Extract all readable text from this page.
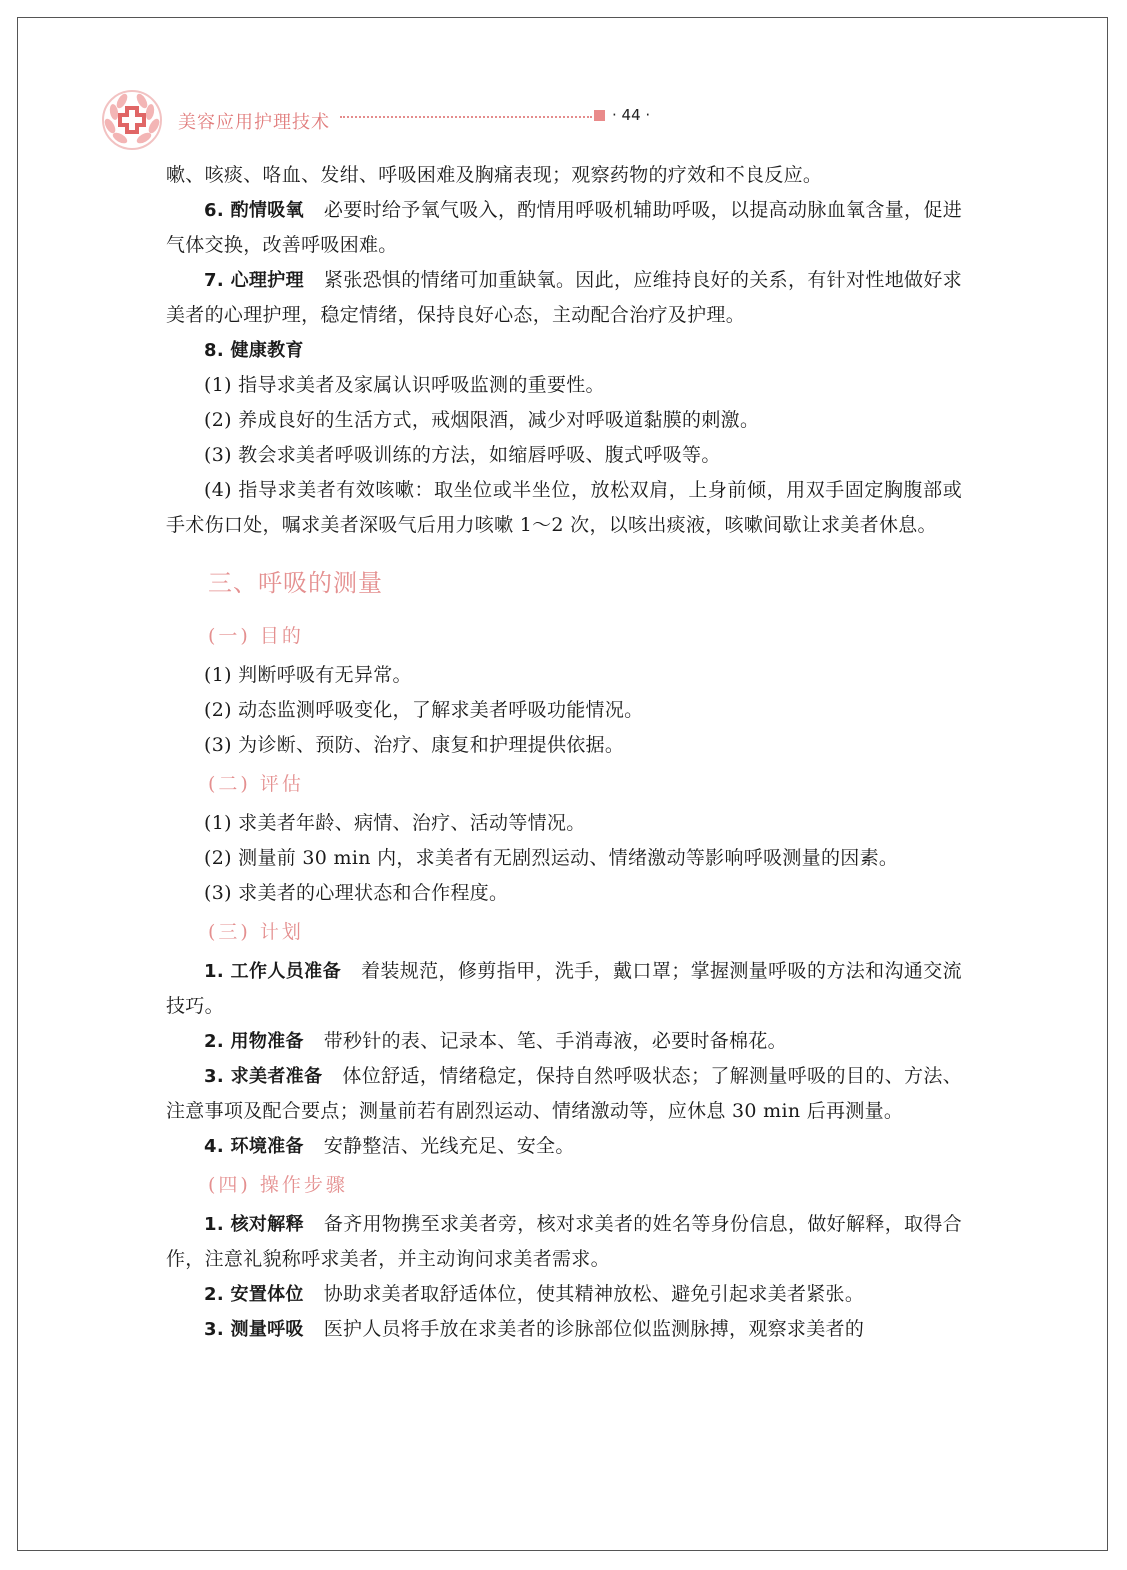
美容应用护理技术	· 44 ·

嗽、咳痰、咯血、发绀、呼吸困难及胸痛表现；观察药物的疗效和不良反应。

6. 酌情吸氧 必要时给予氧气吸入，酌情用呼吸机辅助呼吸，以提高动脉血氧含量，促进气体交换，改善呼吸困难。

7. 心理护理 紧张恐惧的情绪可加重缺氧。因此，应维持良好的关系，有针对性地做好求美者的心理护理，稳定情绪，保持良好心态，主动配合治疗及护理。

8. 健康教育

(1) 指导求美者及家属认识呼吸监测的重要性。

(2) 养成良好的生活方式，戒烟限酒，减少对呼吸道黏膜的刺激。

(3) 教会求美者呼吸训练的方法，如缩唇呼吸、腹式呼吸等。

(4) 指导求美者有效咳嗽：取坐位或半坐位，放松双肩，上身前倾，用双手固定胸腹部或手术伤口处，嘱求美者深吸气后用力咳嗽 1～2 次，以咳出痰液，咳嗽间歇让求美者休息。

三、呼吸的测量

(一) 目的

(1) 判断呼吸有无异常。

(2) 动态监测呼吸变化，了解求美者呼吸功能情况。

(3) 为诊断、预防、治疗、康复和护理提供依据。

(二) 评估

(1) 求美者年龄、病情、治疗、活动等情况。

(2) 测量前 30 min 内，求美者有无剧烈运动、情绪激动等影响呼吸测量的因素。

(3) 求美者的心理状态和合作程度。

(三) 计划

1. 工作人员准备 着装规范，修剪指甲，洗手，戴口罩；掌握测量呼吸的方法和沟通交流技巧。

2. 用物准备 带秒针的表、记录本、笔、手消毒液，必要时备棉花。

3. 求美者准备 体位舒适，情绪稳定，保持自然呼吸状态；了解测量呼吸的目的、方法、注意事项及配合要点；测量前若有剧烈运动、情绪激动等，应休息 30 min 后再测量。

4. 环境准备 安静整洁、光线充足、安全。

(四) 操作步骤

1. 核对解释 备齐用物携至求美者旁，核对求美者的姓名等身份信息，做好解释，取得合作，注意礼貌称呼求美者，并主动询问求美者需求。

2. 安置体位 协助求美者取舒适体位，使其精神放松、避免引起求美者紧张。

3. 测量呼吸 医护人员将手放在求美者的诊脉部位似监测脉搏，观察求美者的
